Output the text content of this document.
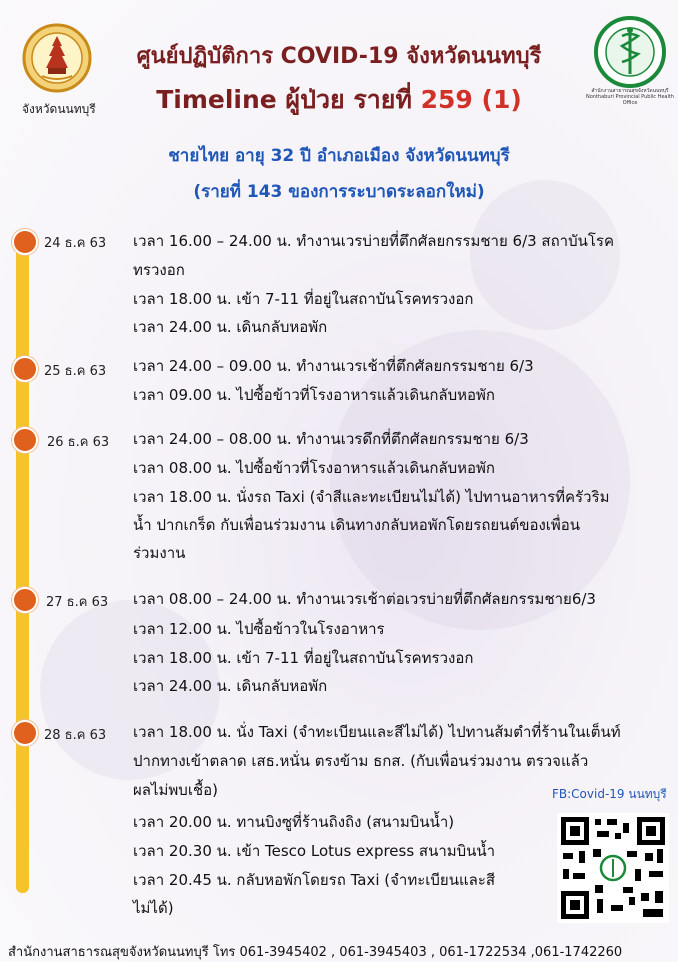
จังหวัดนนทบุรี
ศูนย์ปฏิบัติการ COVID-19 จังหวัดนนทบุรี
Timeline ผู้ป่วย รายที่ 259 (1)	สำนักงานสาธารณสุขจังหวัดนนทบุรี Nonthaburi Provincial Public Health Office
ชายไทย อายุ 32 ปี อำเภอเมือง จังหวัดนนทบุรี
(รายที่ 143 ของการระบาดระลอกใหม่)
24 ธ.ค 63 เวลา 16.00 – 24.00 น. ทำงานเวรบ่ายที่ตึกศัลยกรรมชาย 6/3 สถาบันโรค
ทรวงอก
เวลา 18.00 น. เข้า 7-11 ที่อยู่ในสถาบันโรคทรวงอก
เวลา 24.00 น. เดินกลับหอพัก
25 ธ.ค 63 เวลา 24.00 – 09.00 น. ทำงานเวรเช้าที่ตึกศัลยกรรมชาย 6/3
เวลา 09.00 น. ไปซื้อข้าวที่โรงอาหารแล้วเดินกลับหอพัก
26 ธ.ค 63 เวลา 24.00 – 08.00 น. ทำงานเวรดึกที่ตึกศัลยกรรมชาย 6/3
เวลา 08.00 น. ไปซื้อข้าวที่โรงอาหารแล้วเดินกลับหอพัก
เวลา 18.00 น. นั่งรถ Taxi (จำสีและทะเบียนไม่ได้) ไปทานอาหารที่ครัวริม
น้ำ ปากเกร็ด กับเพื่อนร่วมงาน เดินทางกลับหอพักโดยรถยนต์ของเพื่อน
ร่วมงาน
27 ธ.ค 63 เวลา 08.00 – 24.00 น. ทำงานเวรเช้าต่อเวรบ่ายที่ตึกศัลยกรรมชาย6/3
เวลา 12.00 น. ไปซื้อข้าวในโรงอาหาร
เวลา 18.00 น. เข้า 7-11 ที่อยู่ในสถาบันโรคทรวงอก
เวลา 24.00 น. เดินกลับหอพัก
28 ธ.ค 63 เวลา 18.00 น. นั่ง Taxi (จำทะเบียนและสีไม่ได้) ไปทานส้มตำที่ร้านในเต็นท์
ปากทางเข้าตลาด เสธ.หนั่น ตรงข้าม ธกส. (กับเพื่อนร่วมงาน ตรวจแล้ว
ผลไม่พบเชื้อ)
เวลา 20.00 น. ทานบิงซูที่ร้านถิงถิง (สนามบินน้ำ)
เวลา 20.30 น. เข้า Tesco Lotus express สนามบินน้ำ
เวลา 20.45 น. กลับหอพักโดยรถ Taxi (จำทะเบียนและสี
ไม่ได้)
FB:Covid-19 นนทบุรี
สำนักงานสาธารณสุขจังหวัดนนทบุรี โทร 061-3945402 , 061-3945403 , 061-1722534 ,061-1742260
